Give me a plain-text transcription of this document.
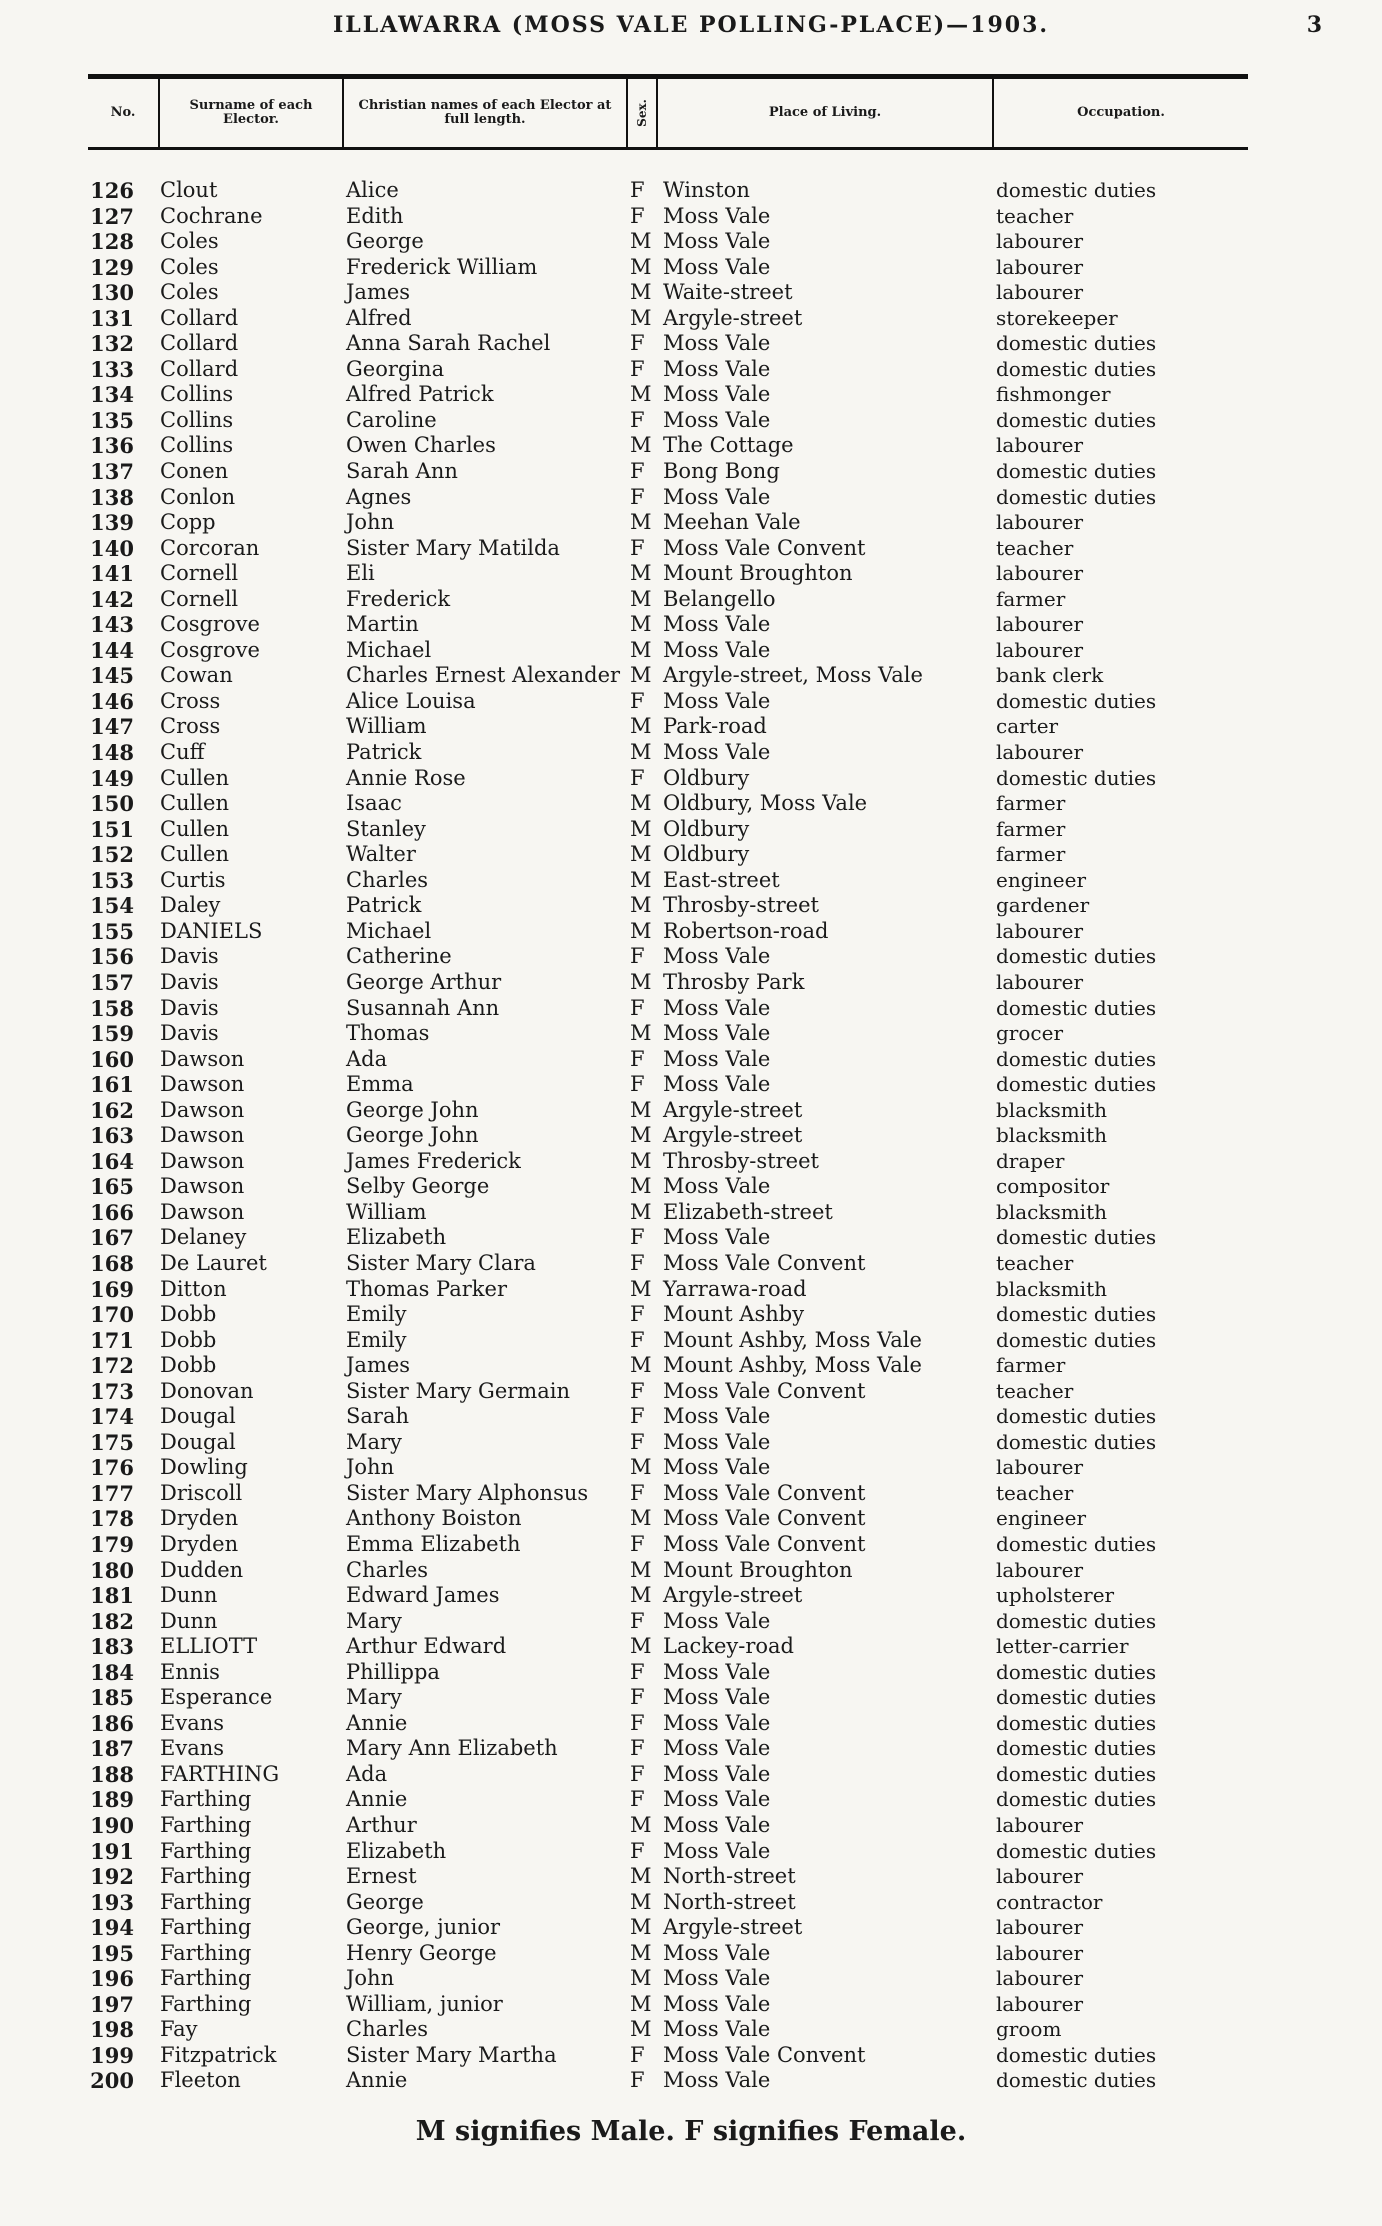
ILLAWARRA (MOSS VALE POLLING-PLACE)—1903.	3
No.	Surname of each Elector.
Christian names of each Elector at full length.	Sex.	Place of Living.	Occupation.
126 Clout	Alice	F Winston	domestic duties
127 Cochrane	Edith	F Moss Vale	teacher
128 Coles	George	M Moss Vale	labourer
129 Coles	Frederick William	M Moss Vale	labourer
130 Coles	James	M Waite-street	labourer
131 Collard	Alfred	M Argyle-street	storekeeper
132 Collard	Anna Sarah Rachel	F Moss Vale	domestic duties
133 Collard	Georgina	F Moss Vale	domestic duties
134 Collins	Alfred Patrick	M Moss Vale	fishmonger
135 Collins	Caroline	F Moss Vale	domestic duties
136 Collins	Owen Charles	M The Cottage	labourer
137 Conen	Sarah Ann	F Bong Bong	domestic duties
138 Conlon	Agnes	F Moss Vale	domestic duties
139 Copp	John	M Meehan Vale	labourer
140 Corcoran	Sister Mary Matilda	F Moss Vale Convent	teacher
141 Cornell	Eli	M Mount Broughton	labourer
142 Cornell	Frederick	M Belangello	farmer
143 Cosgrove	Martin	M Moss Vale	labourer
144 Cosgrove	Michael	M Moss Vale	labourer
145 Cowan	Charles Ernest Alexander M Argyle-street, Moss Vale	bank clerk
146 Cross	Alice Louisa	F Moss Vale	domestic duties
147 Cross	William	M Park-road	carter
148 Cuff	Patrick	M Moss Vale	labourer
149 Cullen	Annie Rose	F Oldbury	domestic duties
150 Cullen	Isaac	M Oldbury, Moss Vale	farmer
151 Cullen	Stanley	M Oldbury	farmer
152 Cullen	Walter	M Oldbury	farmer
153 Curtis	Charles	M East-street	engineer
154 Daley	Patrick	M Throsby-street	gardener
155 DANIELS	Michael	M Robertson-road	labourer
156 Davis	Catherine	F Moss Vale	domestic duties
157 Davis	George Arthur	M Throsby Park	labourer
158 Davis	Susannah Ann	F Moss Vale	domestic duties
159 Davis	Thomas	M Moss Vale	grocer
160 Dawson	Ada	F Moss Vale	domestic duties
161 Dawson	Emma	F Moss Vale	domestic duties
162 Dawson	George John	M Argyle-street	blacksmith
163 Dawson	George John	M Argyle-street	blacksmith
164 Dawson	James Frederick	M Throsby-street	draper
165 Dawson	Selby George	M Moss Vale	compositor
166 Dawson	William	M Elizabeth-street	blacksmith
167 Delaney	Elizabeth	F Moss Vale	domestic duties
168 De Lauret	Sister Mary Clara	F Moss Vale Convent	teacher
169 Ditton	Thomas Parker	M Yarrawa-road	blacksmith
170 Dobb	Emily	F Mount Ashby	domestic duties
171 Dobb	Emily	F Mount Ashby, Moss Vale	domestic duties
172 Dobb	James	M Mount Ashby, Moss Vale	farmer
173 Donovan	Sister Mary Germain	F Moss Vale Convent	teacher
174 Dougal	Sarah	F Moss Vale	domestic duties
175 Dougal	Mary	F Moss Vale	domestic duties
176 Dowling	John	M Moss Vale	labourer
177 Driscoll	Sister Mary Alphonsus F Moss Vale Convent	teacher
178 Dryden	Anthony Boiston	M Moss Vale Convent	engineer
179 Dryden	Emma Elizabeth	F Moss Vale Convent	domestic duties
180 Dudden	Charles	M Mount Broughton	labourer
181 Dunn	Edward James	M Argyle-street	upholsterer
182 Dunn	Mary	F Moss Vale	domestic duties
183 ELLIOTT	Arthur Edward	M Lackey-road	letter-carrier
184 Ennis	Phillippa	F Moss Vale	domestic duties
185 Esperance	Mary	F Moss Vale	domestic duties
186 Evans	Annie	F Moss Vale	domestic duties
187 Evans	Mary Ann Elizabeth	F Moss Vale	domestic duties
188 FARTHING	Ada	F Moss Vale	domestic duties
189 Farthing	Annie	F Moss Vale	domestic duties
190 Farthing	Arthur	M Moss Vale	labourer
191 Farthing	Elizabeth	F Moss Vale	domestic duties
192 Farthing	Ernest	M North-street	labourer
193 Farthing	George	M North-street	contractor
194 Farthing	George, junior	M Argyle-street	labourer
195 Farthing	Henry George	M Moss Vale	labourer
196 Farthing	John	M Moss Vale	labourer
197 Farthing	William, junior	M Moss Vale	labourer
198 Fay	Charles	M Moss Vale	groom
199 Fitzpatrick	Sister Mary Martha	F Moss Vale Convent	domestic duties
200 Fleeton	Annie	F Moss Vale	domestic duties
M signifies Male. F signifies Female.
